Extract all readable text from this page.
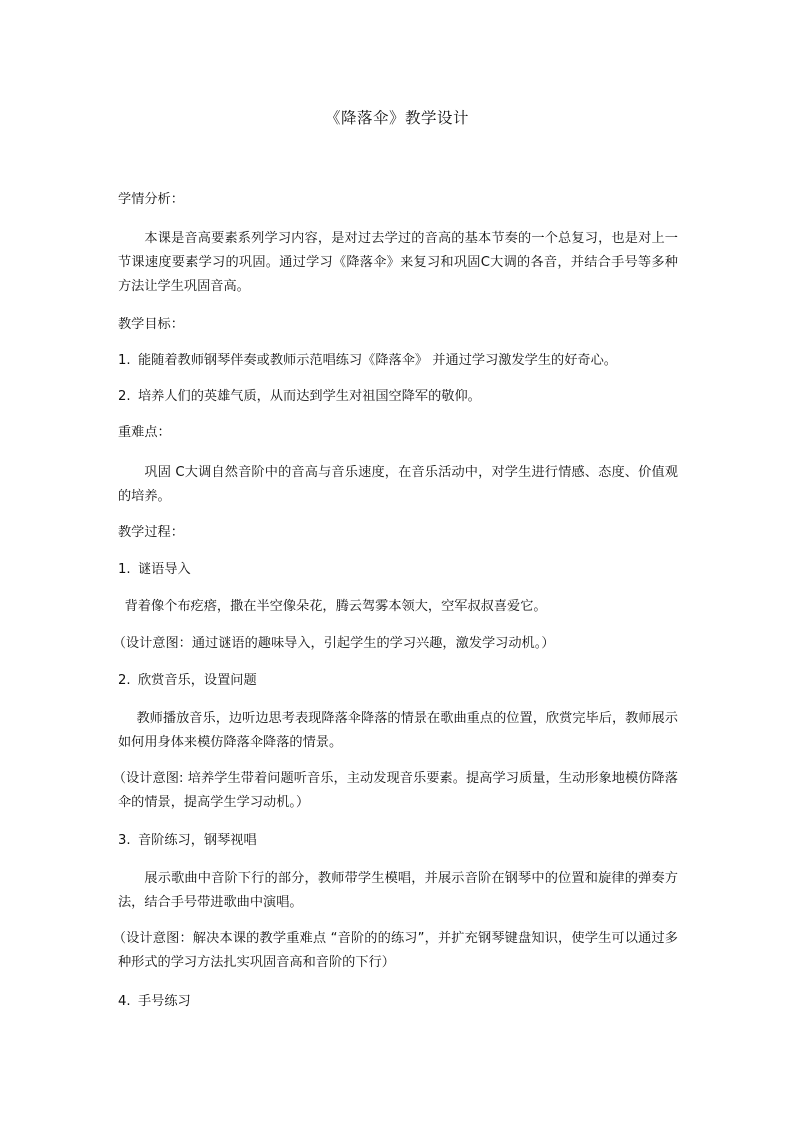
《降落伞》教学设计
学情分析：
本课是音高要素系列学习内容，是对过去学过的音高的基本节奏的一个总复习，也是对上一节课速度要素学习的巩固。通过学习《降落伞》来复习和巩固C大调的各音，并结合手号等多种方法让学生巩固音高。
教学目标：
1. 能随着教师钢琴伴奏或教师示范唱练习《降落伞》 并通过学习激发学生的好奇心。
2. 培养人们的英雄气质，从而达到学生对祖国空降军的敬仰。
重难点：
巩固 C大调自然音阶中的音高与音乐速度，在音乐活动中，对学生进行情感、态度、价值观的培养。
教学过程：
1. 谜语导入
背着像个布疙瘩，撒在半空像朵花，腾云驾雾本领大，空军叔叔喜爱它。
（设计意图：通过谜语的趣味导入，引起学生的学习兴趣，激发学习动机。）
2. 欣赏音乐，设置问题
教师播放音乐，边听边思考表现降落伞降落的情景在歌曲重点的位置，欣赏完毕后，教师展示如何用身体来模仿降落伞降落的情景。
（设计意图: 培养学生带着问题听音乐，主动发现音乐要素。提高学习质量，生动形象地模仿降落伞的情景，提高学生学习动机。）
3. 音阶练习，钢琴视唱
展示歌曲中音阶下行的部分，教师带学生模唱，并展示音阶在钢琴中的位置和旋律的弹奏方法，结合手号带进歌曲中演唱。
（设计意图：解决本课的教学重难点 “音阶的的练习”，并扩充钢琴键盘知识，使学生可以通过多种形式的学习方法扎实巩固音高和音阶的下行）
4. 手号练习
